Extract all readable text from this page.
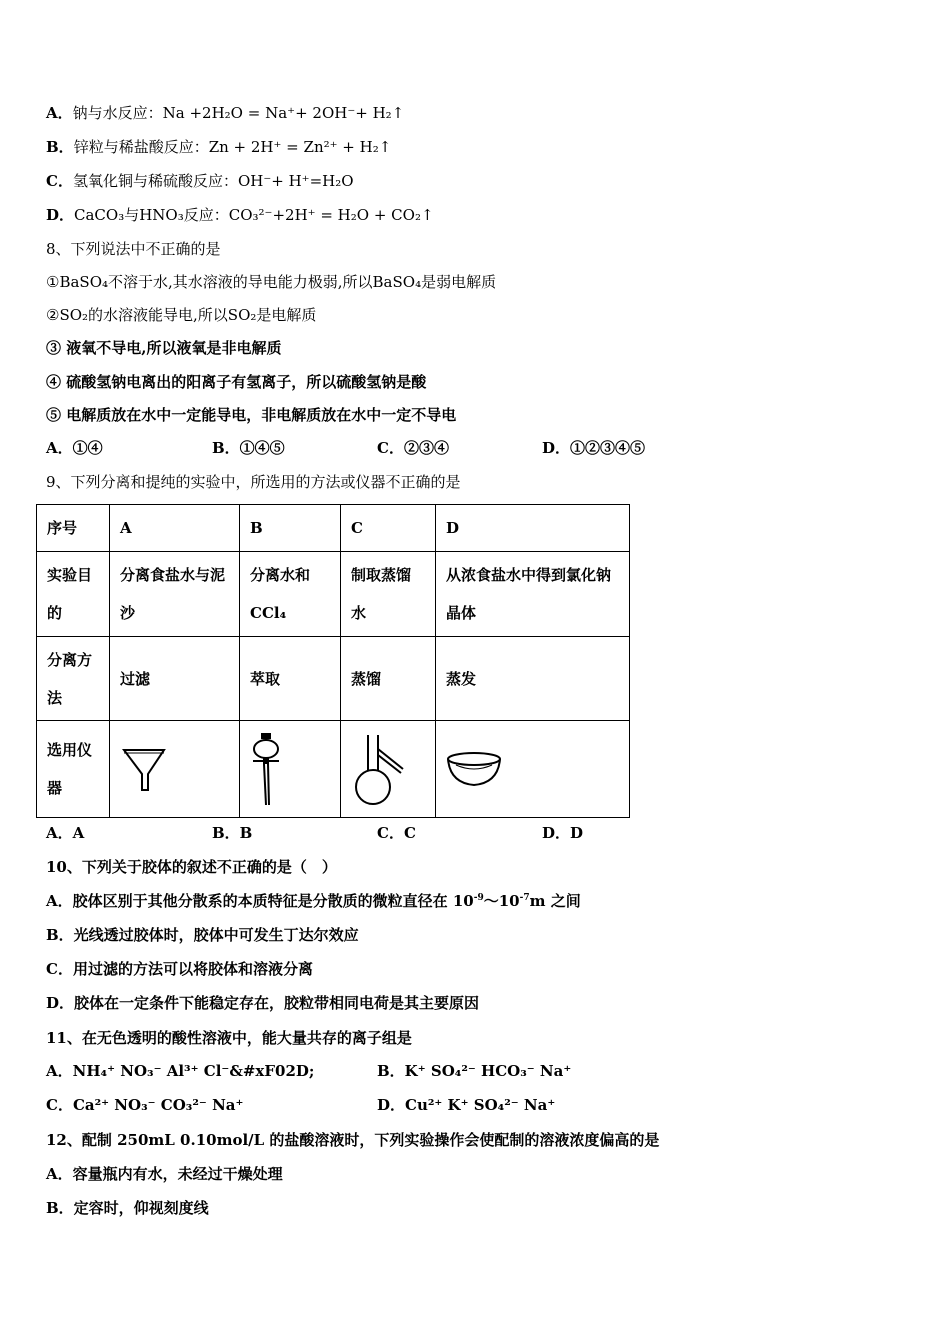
A．钠与水反应：Na +2H₂O = Na⁺+ 2OH⁻+ H₂↑
B．锌粒与稀盐酸反应：Zn + 2H⁺ = Zn²⁺ + H₂↑
C．氢氧化铜与稀硫酸反应：OH⁻+ H⁺=H₂O
D．CaCO₃与HNO₃反应：CO₃²⁻+2H⁺ = H₂O + CO₂↑
8、下列说法中不正确的是
①BaSO₄不溶于水,其水溶液的导电能力极弱,所以BaSO₄是弱电解质
②SO₂的水溶液能导电,所以SO₂是电解质
③ 液氧不导电,所以液氧是非电解质
④ 硫酸氢钠电离出的阳离子有氢离子，所以硫酸氢钠是酸
⑤ 电解质放在水中一定能导电，非电解质放在水中一定不导电
A．①④	B．①④⑤	C．②③④	D．①②③④⑤
9、下列分离和提纯的实验中，所选用的方法或仪器不正确的是
序号	A	B	C	D
实验目的	分离食盐水与泥沙	分离水和CCl₄	制取蒸馏水	从浓食盐水中得到氯化钠晶体
分离方法	过滤	萃取	蒸馏	蒸发
选用仪器	

A．A	B．B	C．C	D．D
10、下列关于胶体的叙述不正确的是（　）
A．胶体区别于其他分散系的本质特征是分散质的微粒直径在 $10^{-9}\sim 10^{-7}m$ 之间
B．光线透过胶体时，胶体中可发生丁达尔效应
C．用过滤的方法可以将胶体和溶液分离
D．胶体在一定条件下能稳定存在，胶粒带相同电荷是其主要原因
11、在无色透明的酸性溶液中，能大量共存的离子组是
A．NH₄⁺ NO₃⁻ Al³⁺ Cl⁻&#xF02D;	B．K⁺ SO₄²⁻ HCO₃⁻ Na⁺
C．Ca²⁺ NO₃⁻ CO₃²⁻ Na⁺	D．Cu²⁺ K⁺ SO₄²⁻ Na⁺
12、配制 250mL 0.10mol/L 的盐酸溶液时，下列实验操作会使配制的溶液浓度偏高的是
A．容量瓶内有水，未经过干燥处理
B．定容时，仰视刻度线
